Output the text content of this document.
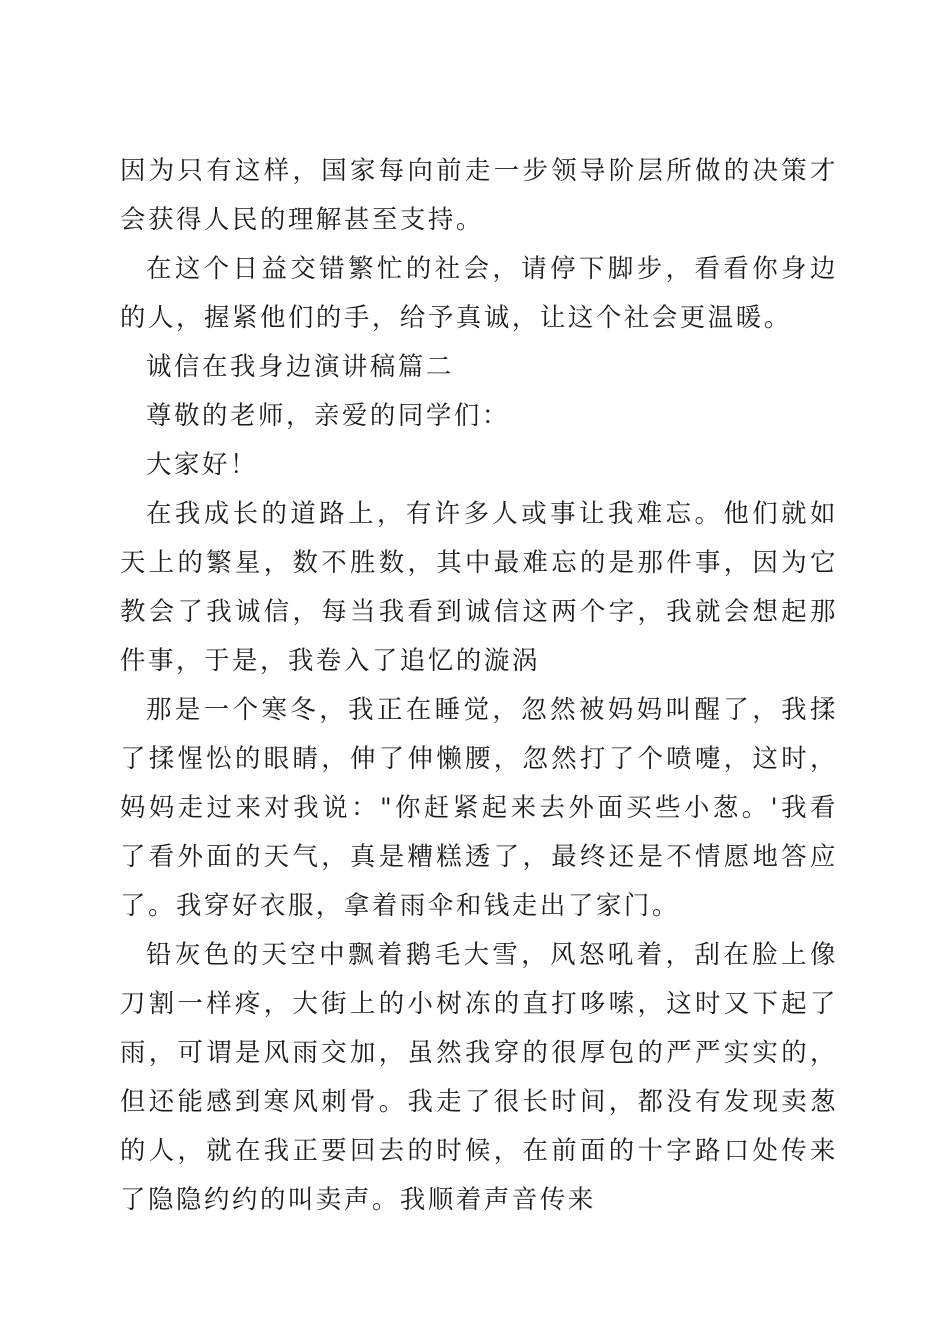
因为只有这样，国家每向前走一步领导阶层所做的决策才会获得人民的理解甚至支持。

在这个日益交错繁忙的社会，请停下脚步，看看你身边的人，握紧他们的手，给予真诚，让这个社会更温暖。

诚信在我身边演讲稿篇二

尊敬的老师，亲爱的同学们：

大家好！

在我成长的道路上，有许多人或事让我难忘。他们就如天上的繁星，数不胜数，其中最难忘的是那件事，因为它教会了我诚信，每当我看到诚信这两个字，我就会想起那件事，于是，我卷入了追忆的漩涡

那是一个寒冬，我正在睡觉，忽然被妈妈叫醒了，我揉了揉惺忪的眼睛，伸了伸懒腰，忽然打了个喷嚏，这时，妈妈走过来对我说："你赶紧起来去外面买些小葱。'我看了看外面的天气，真是糟糕透了，最终还是不情愿地答应了。我穿好衣服，拿着雨伞和钱走出了家门。

铅灰色的天空中飘着鹅毛大雪，风怒吼着，刮在脸上像刀割一样疼，大街上的小树冻的直打哆嗦，这时又下起了雨，可谓是风雨交加，虽然我穿的很厚包的严严实实的，但还能感到寒风刺骨。我走了很长时间，都没有发现卖葱的人，就在我正要回去的时候，在前面的十字路口处传来了隐隐约约的叫卖声。我顺着声音传来
